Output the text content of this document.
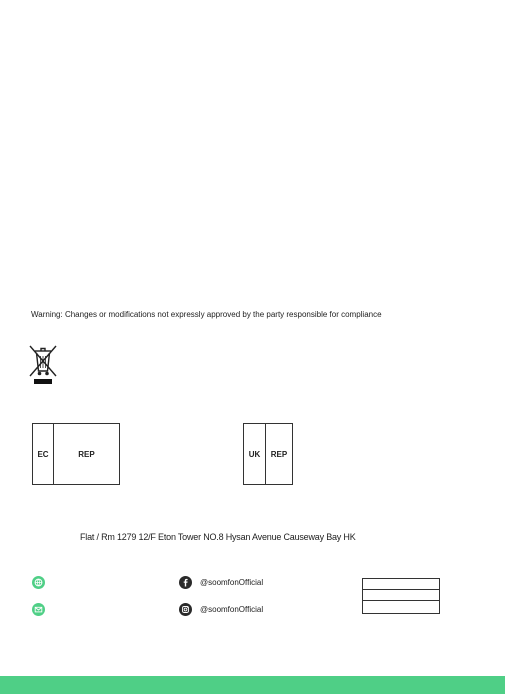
Warning: Changes or modifications not expressly approved by the party responsible for compliance
EC	REP	UK	REP
Flat / Rm 1279 12/F Eton Tower NO.8 Hysan Avenue Causeway Bay HK
@soomfonOfficial
@soomfonOfficial
